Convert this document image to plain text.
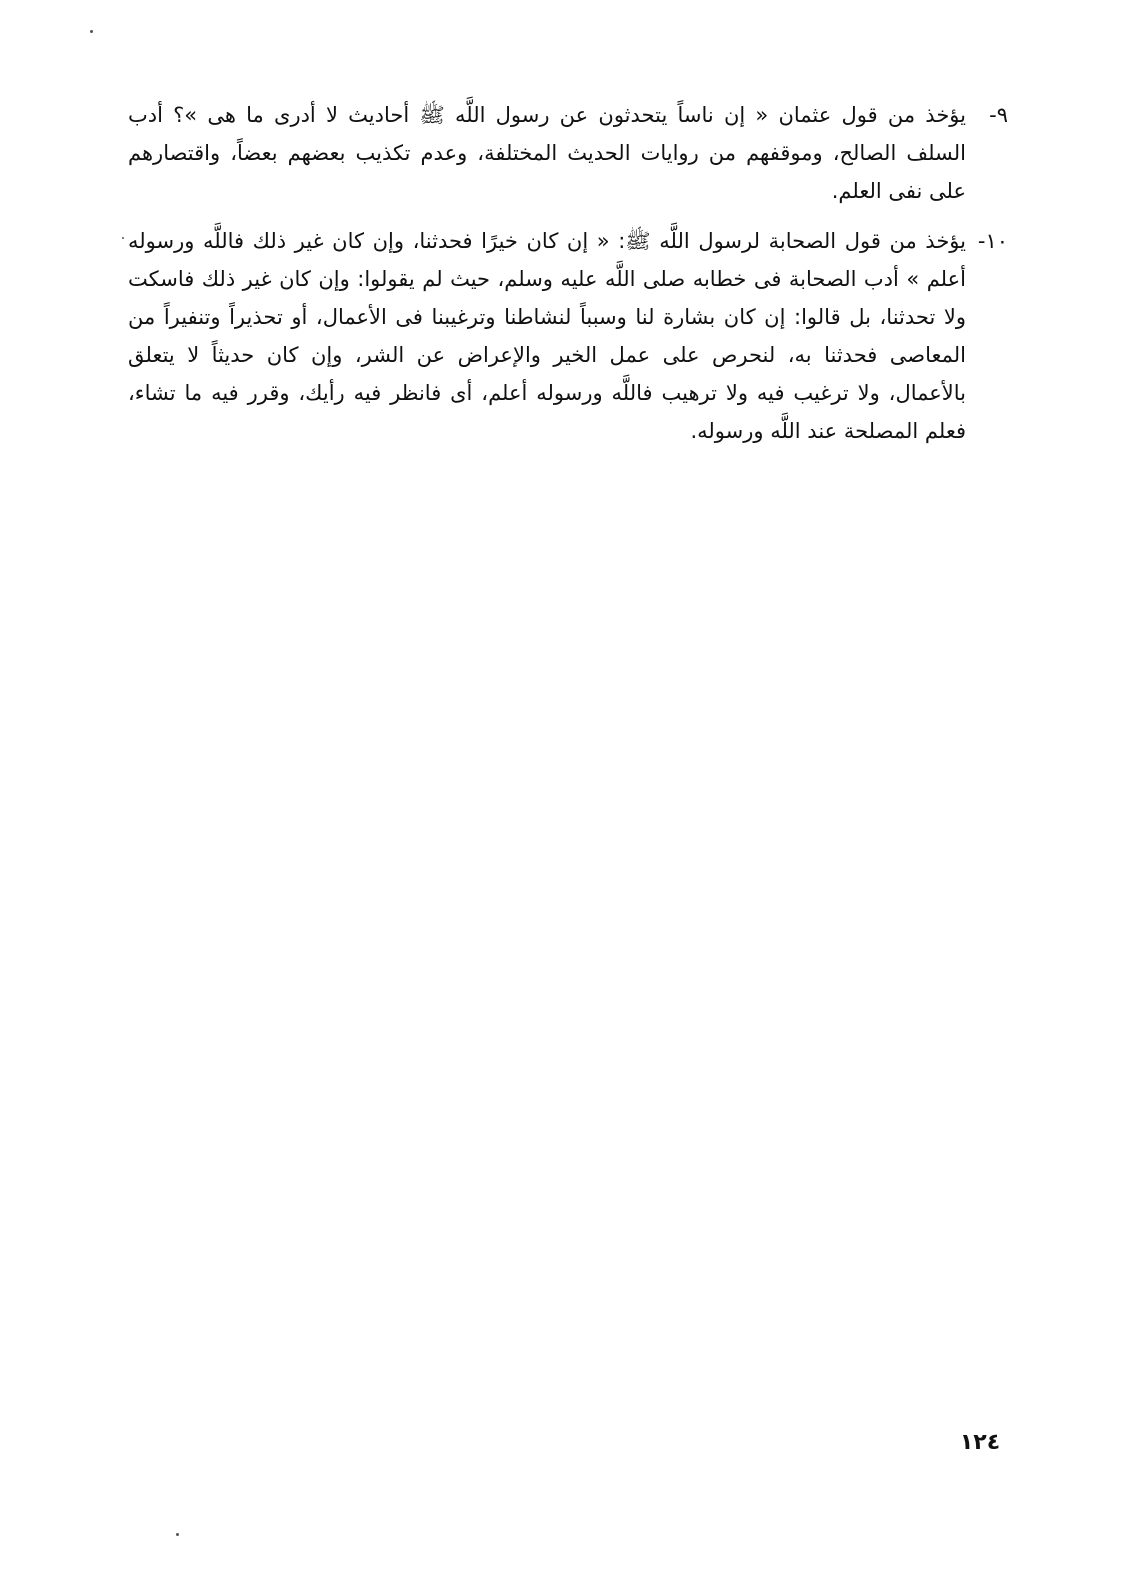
٩-
يؤخذ من قول عثمان « إن ناساً يتحدثون عن رسول اللَّه ﷺ أحاديث لا أدرى ما هى »؟ أدب السلف الصالح، وموقفهم من روايات الحديث المختلفة، وعدم تكذيب بعضهم بعضاً، واقتصارهم على نفى العلم.
١٠-
يؤخذ من قول الصحابة لرسول اللَّه ﷺ: « إن كان خيرًا فحدثنا، وإن كان غير ذلك فاللَّه ورسوله أعلم » أدب الصحابة فى خطابه صلى اللَّه عليه وسلم، حيث لم يقولوا: وإن كان غير ذلك فاسكت ولا تحدثنا، بل قالوا: إن كان بشارة لنا وسبباً لنشاطنا وترغيبنا فى الأعمال، أو تحذيراً وتنفيراً من المعاصى فحدثنا به، لنحرص على عمل الخير والإعراض عن الشر، وإن كان حديثاً لا يتعلق بالأعمال، ولا ترغيب فيه ولا ترهيب فاللَّه ورسوله أعلم، أى فانظر فيه رأيك، وقرر فيه ما تشاء، فعلم المصلحة عند اللَّه ورسوله.
١٢٤
